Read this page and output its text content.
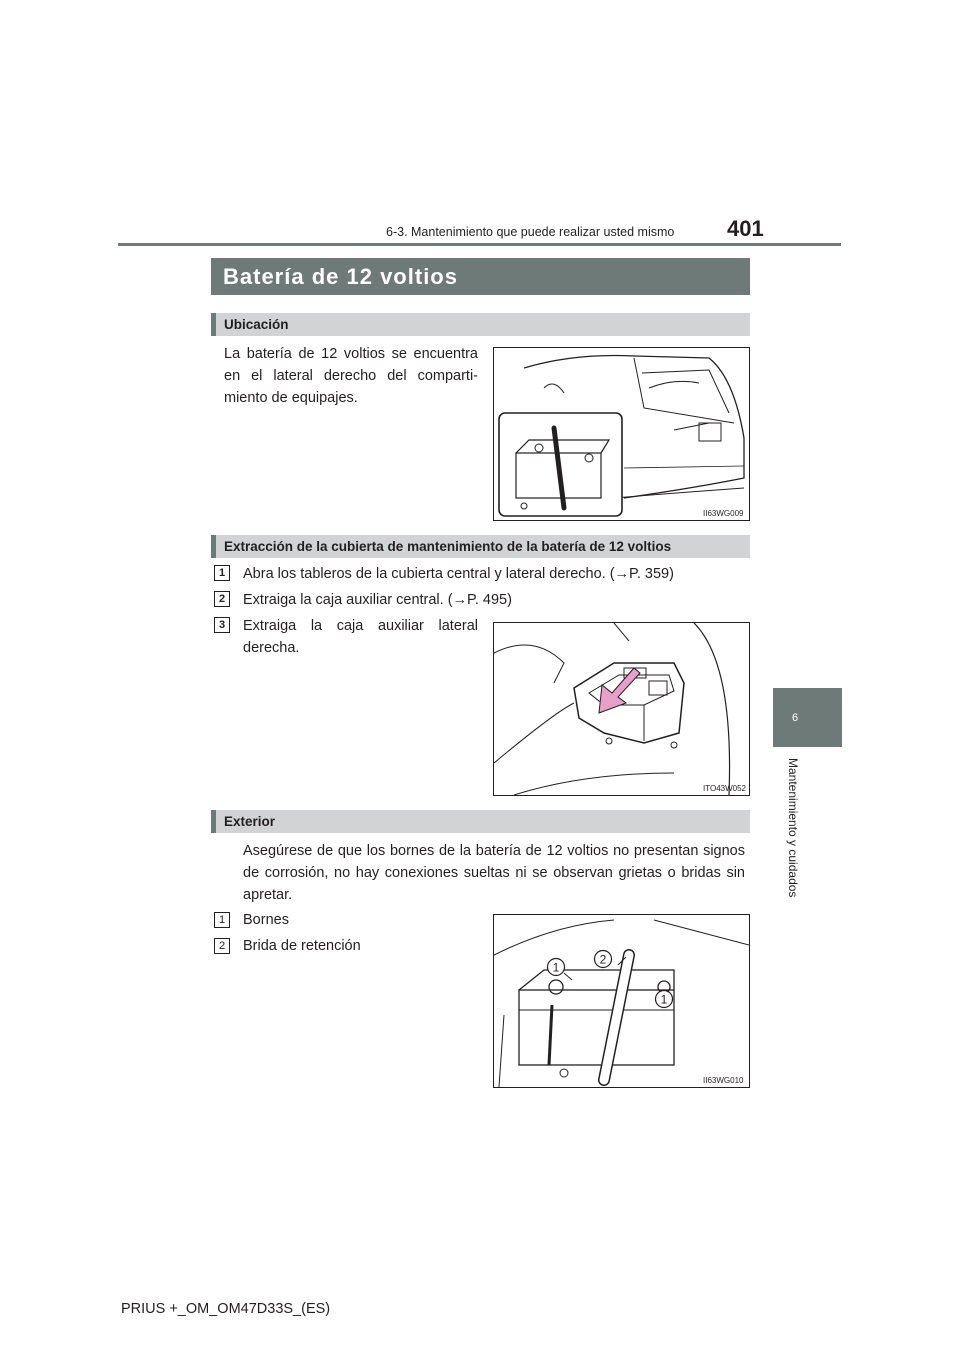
6-3. Mantenimiento que puede realizar usted mismo 401
6
Mantenimiento y cuidados
Batería de 12 voltios
Ubicación
La batería de 12 voltios se encuentra en el lateral derecho del comparti- miento de equipajes.
II63WG009
Extracción de la cubierta de mantenimiento de la batería de 12 voltios
1	Abra los tableros de la cubierta central y lateral derecho. (→P. 359)
2	Extraiga la caja auxiliar central. (→P. 495)
3	Extraiga la caja auxiliar lateral derecha.
ITO43W052
Exterior
Asegúrese de que los bornes de la batería de 12 voltios no presentan signos de corrosión, no hay conexiones sueltas ni se observan grietas o bridas sin apretar.
1	Bornes
2	Brida de retención
1
2
1
II63WG010
PRIUS +_OM_OM47D33S_(ES)
